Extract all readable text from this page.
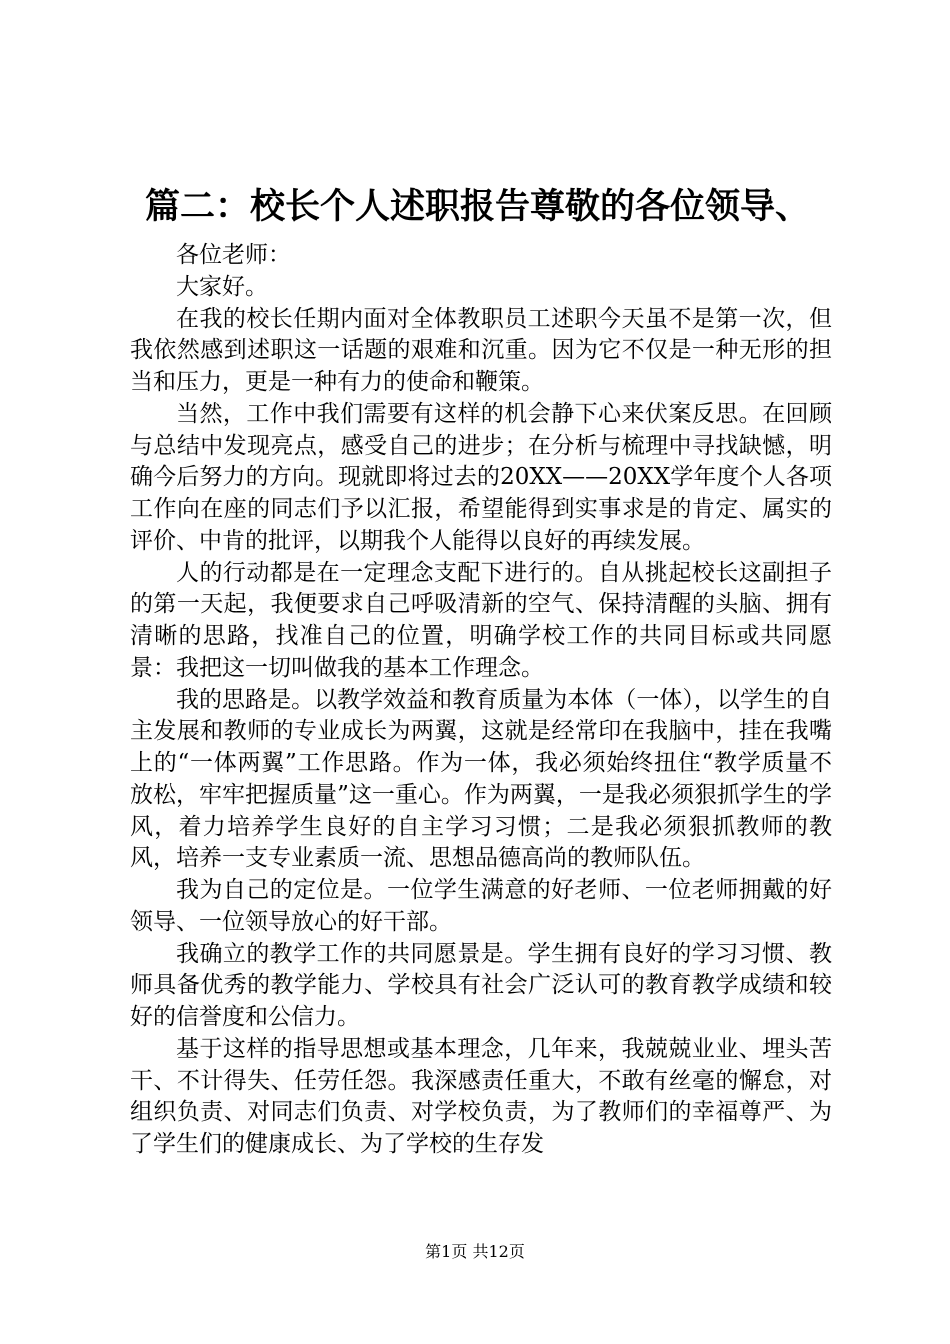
篇二：校长个人述职报告尊敬的各位领导、

各位老师：

大家好。

在我的校长任期内面对全体教职员工述职今天虽不是第一次，但我依然感到述职这一话题的艰难和沉重。因为它不仅是一种无形的担当和压力，更是一种有力的使命和鞭策。

当然，工作中我们需要有这样的机会静下心来伏案反思。在回顾与总结中发现亮点，感受自己的进步；在分析与梳理中寻找缺憾，明确今后努力的方向。现就即将过去的20XX——20XX学年度个人各项工作向在座的同志们予以汇报，希望能得到实事求是的肯定、属实的评价、中肯的批评，以期我个人能得以良好的再续发展。

人的行动都是在一定理念支配下进行的。自从挑起校长这副担子的第一天起，我便要求自己呼吸清新的空气、保持清醒的头脑、拥有清晰的思路，找准自己的位置，明确学校工作的共同目标或共同愿景：我把这一切叫做我的基本工作理念。

我的思路是。以教学效益和教育质量为本体（一体），以学生的自主发展和教师的专业成长为两翼，这就是经常印在我脑中，挂在我嘴上的“一体两翼”工作思路。作为一体，我必须始终扭住“教学质量不放松，牢牢把握质量”这一重心。作为两翼，一是我必须狠抓学生的学风，着力培养学生良好的自主学习习惯；二是我必须狠抓教师的教风，培养一支专业素质一流、思想品德高尚的教师队伍。

我为自己的定位是。一位学生满意的好老师、一位老师拥戴的好领导、一位领导放心的好干部。

我确立的教学工作的共同愿景是。学生拥有良好的学习习惯、教师具备优秀的教学能力、学校具有社会广泛认可的教育教学成绩和较好的信誉度和公信力。

基于这样的指导思想或基本理念，几年来，我兢兢业业、埋头苦干、不计得失、任劳任怨。我深感责任重大，不敢有丝毫的懈怠，对组织负责、对同志们负责、对学校负责，为了教师们的幸福尊严、为了学生们的健康成长、为了学校的生存发

第1页 共12页
